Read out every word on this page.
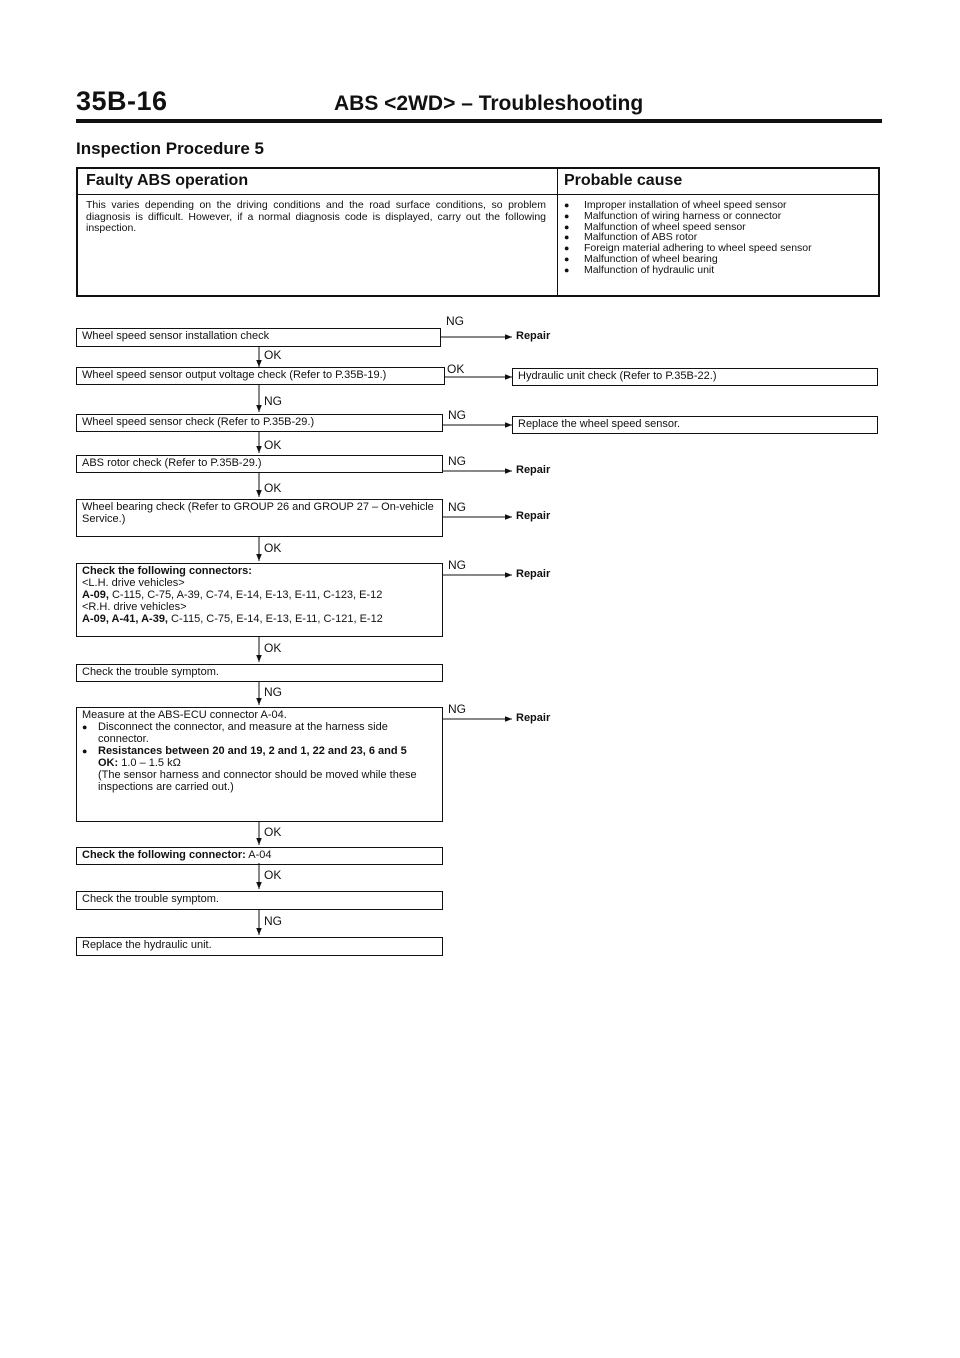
35B-16	ABS <2WD> – Troubleshooting
Inspection Procedure 5
Faulty ABS operation	Probable cause
This varies depending on the driving conditions and the road surface conditions, so problem diagnosis is difficult. However, if a normal diagnosis code is displayed, carry out the following inspection.
● Improper installation of wheel speed sensor
● Malfunction of wiring harness or connector
● Malfunction of wheel speed sensor
● Malfunction of ABS rotor
● Foreign material adhering to wheel speed sensor
● Malfunction of wheel bearing
● Malfunction of hydraulic unit
Wheel speed sensor installation check
Wheel speed sensor output voltage check (Refer to P.35B-19.)
Wheel speed sensor check (Refer to P.35B-29.)
ABS rotor check (Refer to P.35B-29.)
Wheel bearing check (Refer to GROUP 26 and GROUP 27 – On-vehicle Service.)
Check the following connectors:
<L.H. drive vehicles>
A-09, C-115, C-75, A-39, C-74, E-14, E-13, E-11, C-123, E-12
<R.H. drive vehicles>
A-09, A-41, A-39, C-115, C-75, E-14, E-13, E-11, C-121, E-12
Check the trouble symptom.
Measure at the ABS-ECU connector A-04.
● Disconnect the connector, and measure at the harness side connector.
● Resistances between 20 and 19, 2 and 1, 22 and 23, 6 and 5
OK: 1.0 – 1.5 kΩ
(The sensor harness and connector should be moved while these inspections are carried out.)
Check the following connector: A-04
Check the trouble symptom.
Replace the hydraulic unit.
Hydraulic unit check (Refer to P.35B-22.)
Replace the wheel speed sensor.
Repair
Repair
Repair
Repair
Repair
NG
OK
NG
NG
NG
NG
NG
OK
NG
OK
OK
OK
OK
NG
OK
OK
NG
